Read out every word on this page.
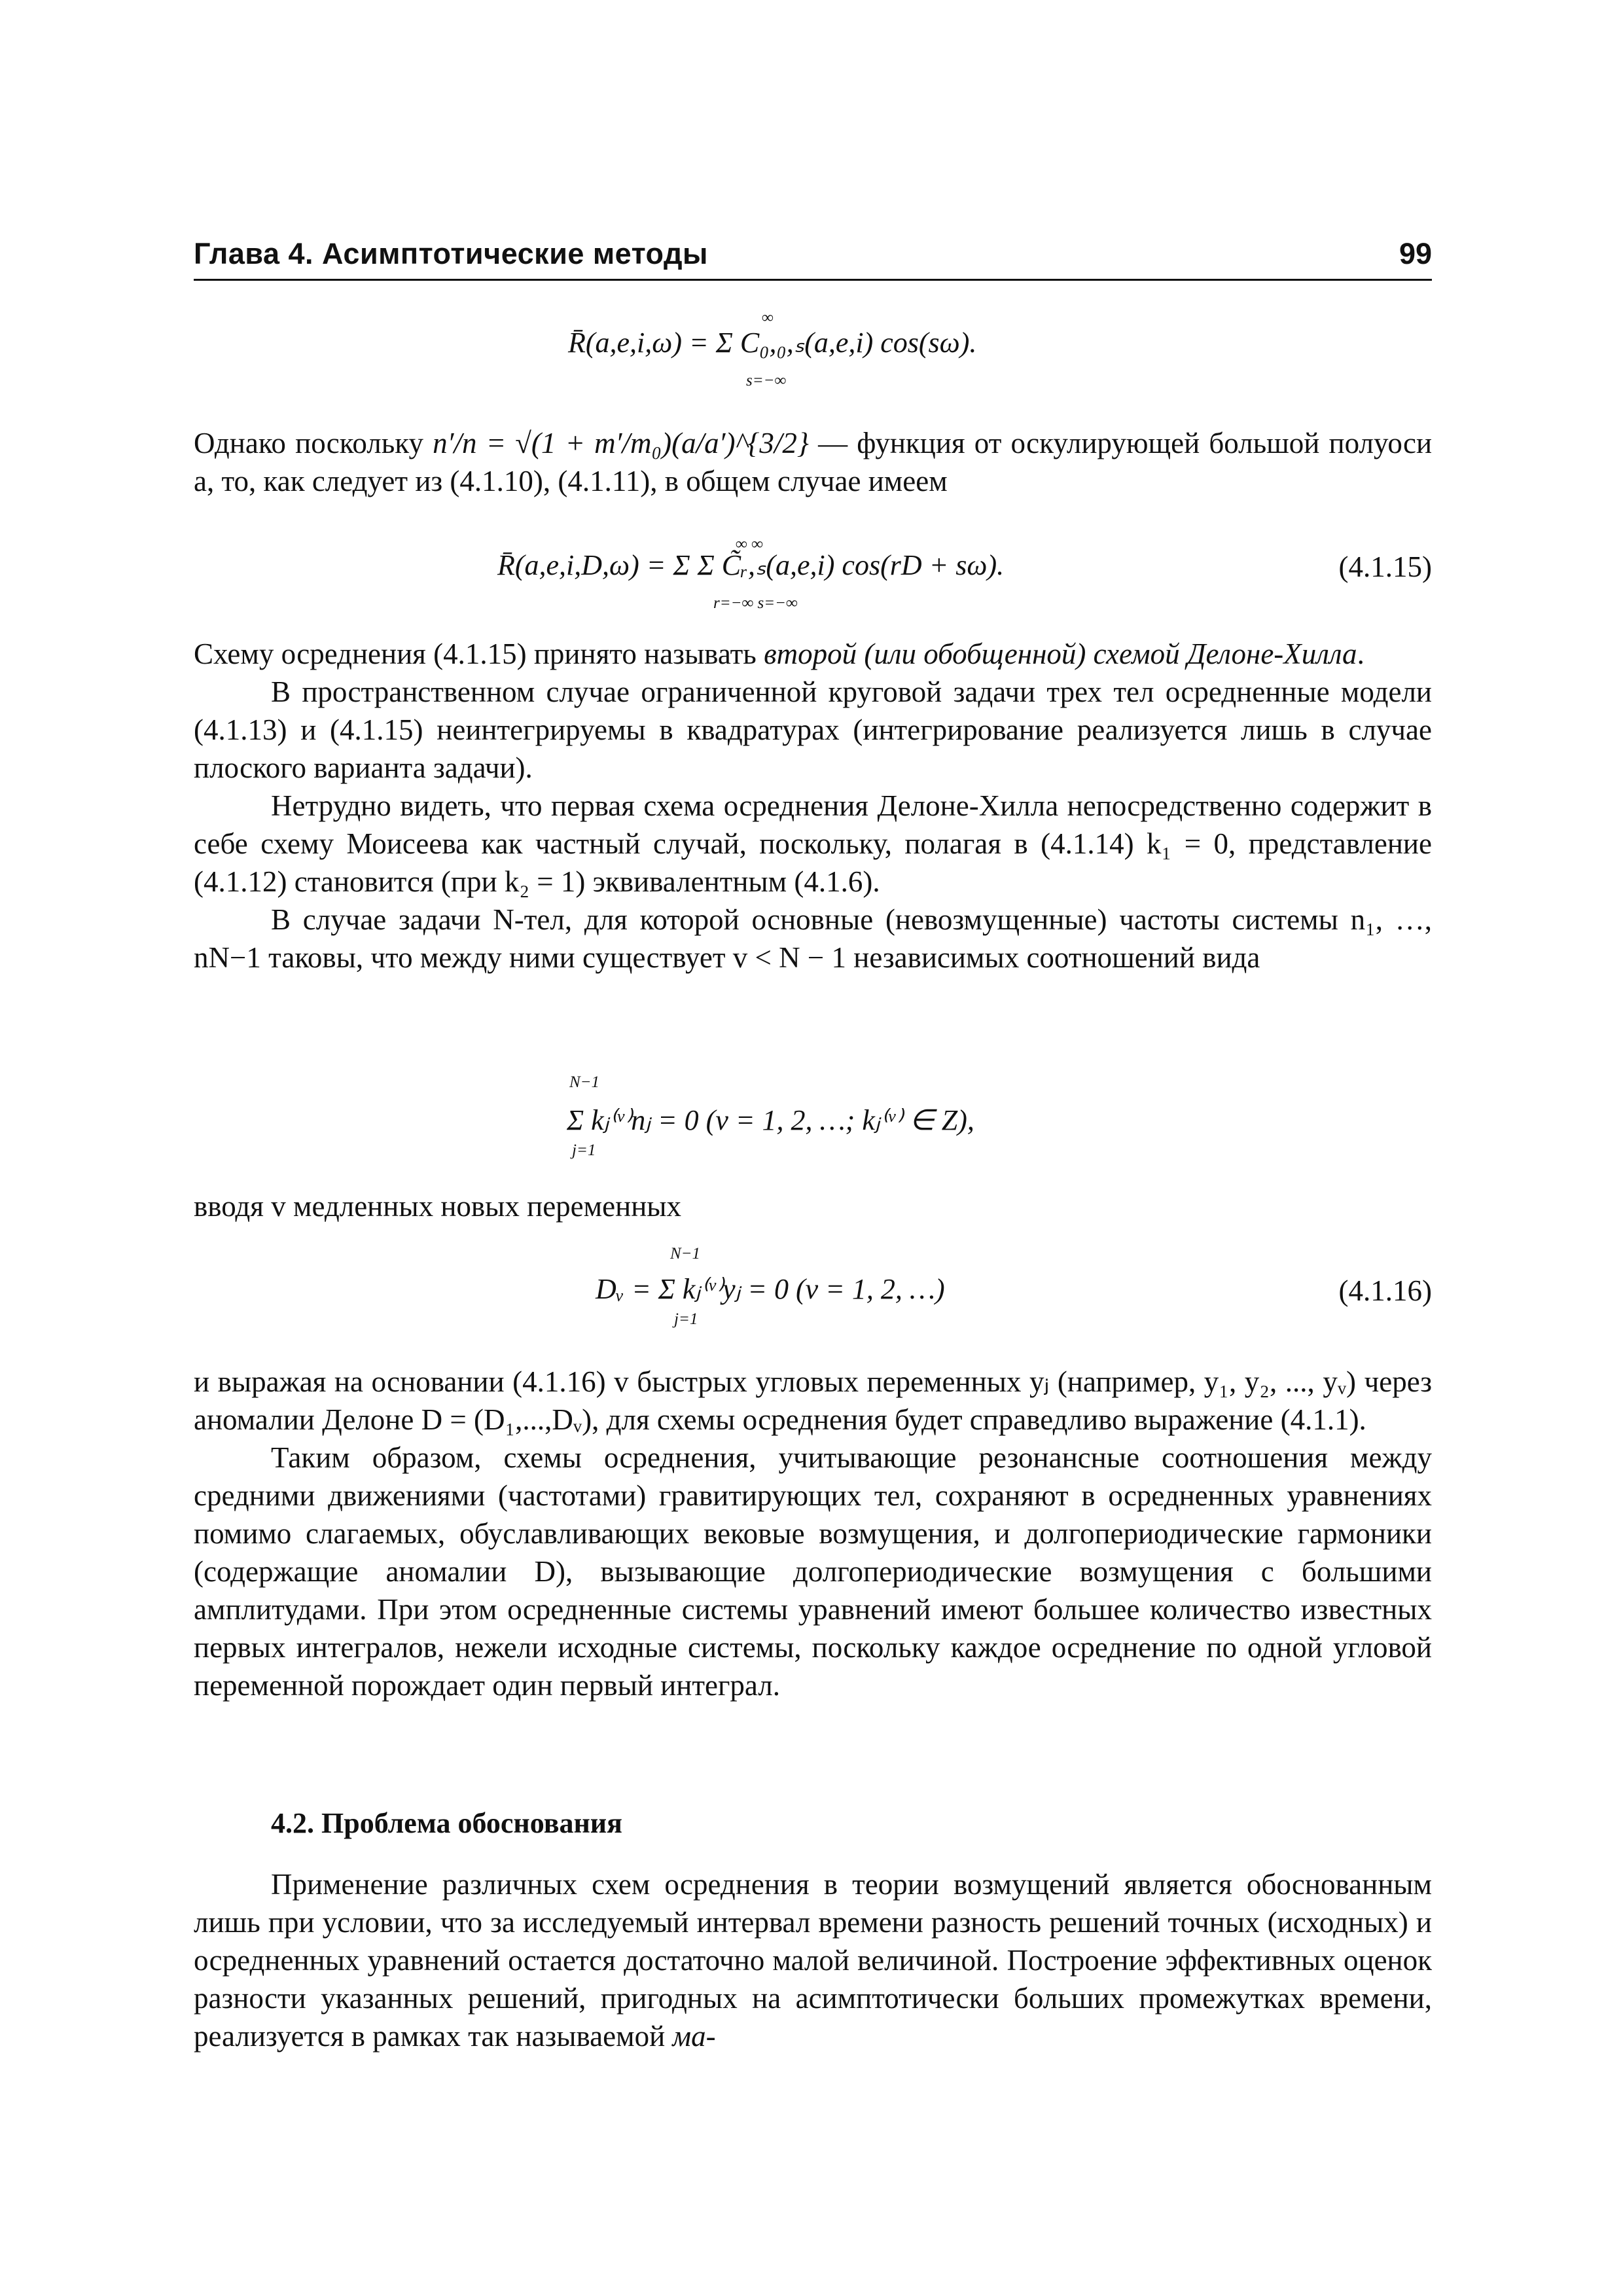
Глава 4. Асимптотические методы	99
R̄(a,e,i,ω) = Σ C₀,₀,ₛ(a,e,i) cos(sω).
∞
s=−∞

Однако поскольку n′/n = √(1 + m′/m₀)(a/a′)^{3/2} — функция от оскулирующей большой полуоси a, то, как следует из (4.1.10), (4.1.11), в общем случае имеем

R̄(a,e,i,D,ω) = Σ Σ C̃ᵣ,ₛ(a,e,i) cos(rD + sω).
∞ ∞
r=−∞ s=−∞
(4.1.15)

Схему осреднения (4.1.15) принято называть второй (или обобщенной) схемой Делоне-Хилла.

В пространственном случае ограниченной круговой задачи трех тел осредненные модели (4.1.13) и (4.1.15) неинтегрируемы в квадратурах (интегрирование реализуется лишь в случае плоского варианта задачи).

Нетрудно видеть, что первая схема осреднения Делоне-Хилла непосредственно содержит в себе схему Моисеева как частный случай, поскольку, полагая в (4.1.14) k₁ = 0, представление (4.1.12) становится (при k₂ = 1) эквивалентным (4.1.6).

В случае задачи N-тел, для которой основные (невозмущенные) частоты системы n₁, …, nN−1 таковы, что между ними существует v < N − 1 независимых соотношений вида

Σ kⱼ⁽ᵛ⁾nⱼ = 0 (ν = 1, 2, …; kⱼ⁽ᵛ⁾ ∈ Z),
N−1
j=1

вводя v медленных новых переменных

Dᵥ = Σ kⱼ⁽ᵛ⁾yⱼ = 0 (ν = 1, 2, …)
N−1
j=1
(4.1.16)

и выражая на основании (4.1.16) v быстрых угловых переменных yⱼ (например, y₁, y₂, ..., yᵥ) через аномалии Делоне D = (D₁,...,Dᵥ), для схемы осреднения будет справедливо выражение (4.1.1).

Таким образом, схемы осреднения, учитывающие резонансные соотношения между средними движениями (частотами) гравитирующих тел, сохраняют в осредненных уравнениях помимо слагаемых, обуславливающих вековые возмущения, и долгопериодические гармоники (содержащие аномалии D), вызывающие долгопериодические возмущения с большими амплитудами. При этом осредненные системы уравнений имеют большее количество известных первых интегралов, нежели исходные системы, поскольку каждое осреднение по одной угловой переменной порождает один первый интеграл.

4.2. Проблема обоснования

Применение различных схем осреднения в теории возмущений является обоснованным лишь при условии, что за исследуемый интервал времени разность решений точных (исходных) и осредненных уравнений остается достаточно малой величиной. Построение эффективных оценок разности указанных решений, пригодных на асимптотически больших промежутках времени, реализуется в рамках так называемой ма-
